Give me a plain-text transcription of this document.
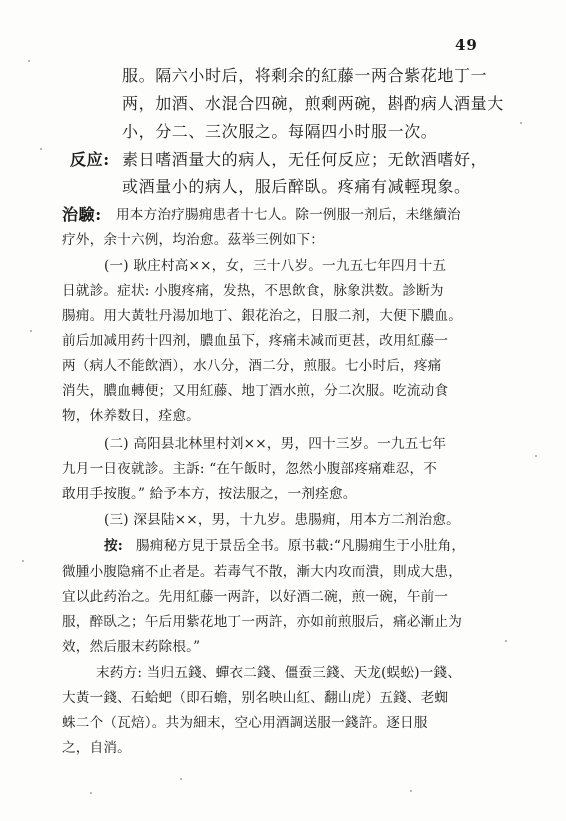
49
服。隔六小时后，将剩余的紅藤一两合紫花地丁一
两，加酒、水混合四碗，煎剩两碗，斟酌病人酒量大
小，分二、三次服之。每隔四小时服一次。
反应: 素日嗜酒量大的病人，无任何反应；无飲酒嗜好，
或酒量小的病人，服后醉臥。疼痛有减輕現象。
治驗: 用本方治疗腸痈患者十七人。除一例服一剂后，未继續治
疗外，余十六例，均治愈。茲举三例如下：
(一) 耿庄村高××，女，三十八岁。一九五七年四月十五
日就診。症状: 小腹疼痛，发热，不思飲食，脉象洪数。診断为
腸痈。用大黃牡丹湯加地丁、銀花治之，日服二剂，大便下膿血。
前后加减用药十四剂，膿血虽下，疼痛未减而更甚，改用紅藤一
两（病人不能飲酒），水八分，酒二分，煎服。七小时后，疼痛
消失，膿血轉便；又用紅藤、地丁酒水煎，分二次服。吃流动食
物，休养数日，痊愈。
(二) 高阳县北林里村刘××，男，四十三岁。一九五七年
九月一日夜就診。主訴: “在午飯时，忽然小腹部疼痛难忍，不
敢用手按腹。” 給予本方，按法服之，一剂痊愈。
(三) 深县陆××，男，十九岁。患腸痈，用本方二剂治愈。
按: 腸痈秘方見于景岳全书。原书載:“凡腸痈生于小肚角，
微腫小腹隐痛不止者是。若毒气不散，漸大内攻而潰，則成大患，
宜以此药治之。先用紅藤一两許，以好酒二碗，煎一碗，午前一
服，醉臥之；午后用紫花地丁一两許，亦如前煎服后，痛必漸止为
效，然后服末药除根。”
末药方: 当归五錢、蟬衣二錢、僵蚕三錢、天龙(蜈蚣)一錢、
大黃一錢、石蛤蚆（即石蟾，别名映山紅、翻山虎）五錢、老蜘
蛛二个（瓦焙）。共为細末，空心用酒調送服一錢許。逐日服
之，自消。
